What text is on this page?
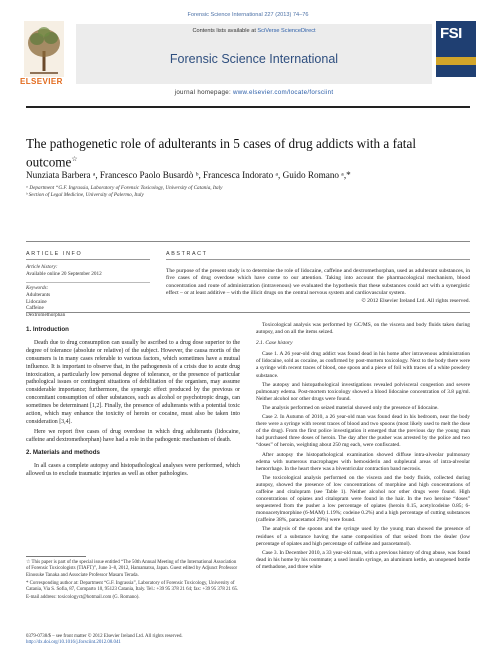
Forensic Science International 227 (2013) 74–76
ELSEVIER
Contents lists available at SciVerse ScienceDirect
Forensic Science International
FSI
journal homepage: www.elsevier.com/locate/forsciint
The pathogenetic role of adulterants in 5 cases of drug addicts with a fatal outcome☆
Nunziata Barbera ᵃ, Francesco Paolo Busardò ᵇ, Francesca Indorato ᵃ, Guido Romano ᵃ,*
ᵃ Department “G.F. Ingrassia, Laboratory of Forensic Toxicology, University of Catania, Italy
ᵇ Section of Legal Medicine, University of Palermo, Italy
ARTICLE INFO
Article history:
Available online 20 September 2012
Keywords:
Adulterants
Lidocaine
Caffeine
Dextromethorphan
ABSTRACT
The purpose of the present study is to determine the role of lidocaine, caffeine and dextromethorphan, used as adulterant substances, in five cases of drug overdose which have come to our attention. Taking into account the pharmacological mechanism, blood concentration and route of administration (intravenous) we evaluated the hypothesis that these substances could act with a synergistic effect – or at least additive – with the illicit drugs on the central nervous system and cardiovascular system.
© 2012 Elsevier Ireland Ltd. All rights reserved.

1. Introduction

Death due to drug consumption can usually be ascribed to a drug dose superior to the degree of tolerance (absolute or relative) of the subject. However, the causa mortis of the consumers is in many cases referable to various factors, which sometimes have a mutual influence. It is important to observe that, in the pathogenesis of a crisis due to acute drug intoxication, a particularly low personal degree of tolerance, or the presence of particular pathological issues or contingent situations of debilitation of the organism, may assume considerable importance; furthermore, the synergic effect produced by the previous or concomitant consumption of other substances, such as alcohol or psychotropic drugs, can sometimes be determinant [1,2]. Finally, the presence of adulterants with a potential toxic action, which may enhance the toxicity of heroin or cocaine, must also be taken into consideration [3,4].

Here we report five cases of drug overdose in which drug adulterants (lidocaine, caffeine and dextromethorphan) have had a role in the pathogenic mechanism of death.

2. Materials and methods

In all cases a complete autopsy and histopathological analyses were performed, which allowed us to exclude traumatic injuries as well as other pathologies.

☆ This paper is part of the special issue entitled “The 50th Annual Meeting of the International Association of Forensic Toxicologists (TIAFT)”, June 3–8, 2012, Hamamatsu, Japan. Guest edited by Adjunct Professor Einosuke Tanaka and Associate Professor Masaru Terada.

* Corresponding author at: Department “G.F. Ingrassia”, Laboratory of Forensic Toxicology, University of Catania, Via S. Sofia, 87, Comparto 10, 95123 Catania, Italy. Tel.: +39 95 378 21 64; fax: +39 95 378 21 65.

E-mail address: toxicologyct@hotmail.com (G. Romano).

0379-0738/$ – see front matter © 2012 Elsevier Ireland Ltd. All rights reserved.
http://dx.doi.org/10.1016/j.forsciint.2012.08.041

Toxicological analysis was performed by GC/MS, on the viscera and body fluids taken during autopsy, and on all the items seized.

2.1. Case history

Case 1. A 26 year-old drug addict was found dead in his home after intravenous administration of lidocaine, sold as cocaine, as confirmed by post-mortem toxicology. Next to the body there were a syringe with recent traces of blood, one spoon and a piece of foil with traces of a white powdery substance.

The autopsy and histopathological investigations revealed polvisceral congestion and severe pulmonary edema. Post-mortem toxicology showed a blood lidocaine concentration of 3.8 µg/ml. Neither alcohol nor other drugs were found.

The analysis performed on seized material showed only the presence of lidocaine.

Case 2. In Autumn of 2010, a 26 year-old man was found dead in his bedroom, near the body there were a syringe with recent traces of blood and two spoons (most likely used to melt the dose of the drug). From the first police investigation it emerged that the previous day the young man had purchased three doses of heroin. The day after the pusher was arrested by the police and two “doses” of heroin, weighting about 250 mg each, were confiscated.

After autopsy the histopathological examination showed diffuse intra-alveolar pulmonary edema with numerous macrophages with hemosiderin and subpleural areas of intra-alveolar hemorrhage. In the heart there was a biventricular contraction band necrosis.

The toxicological analysis performed on the viscera and the body fluids, collected during autopsy, showed the presence of low concentrations of morphine and high concentrations of caffeine and citalopram (see Table 1). Neither alcohol nor other drugs were found. High concentrations of opiates and citalopram were found in the hair. In the two heroine “doses” sequestered from the pusher a low percentage of opiates (heroin 0.15, acetylcodeine 0.85; 6-monoacetylmorphine (6-MAM) 1.19%; codeine 0.2%) and a high percentage of cutting substances (caffeine 38%, paracetamol 29%) were found.

The analysis of the spoons and the syringe used by the young man showed the presence of residues of a substance having the same composition of that seized from the dealer (low percentage of opiates and high percentage of caffeine and paracetamol).

Case 3. In December 2010, a 33 year-old man, with a previous history of drug abuse, was found dead in his home by his roommate; a used insulin syringe, an aluminum kettle, an unopened bottle of methadone, and three white
